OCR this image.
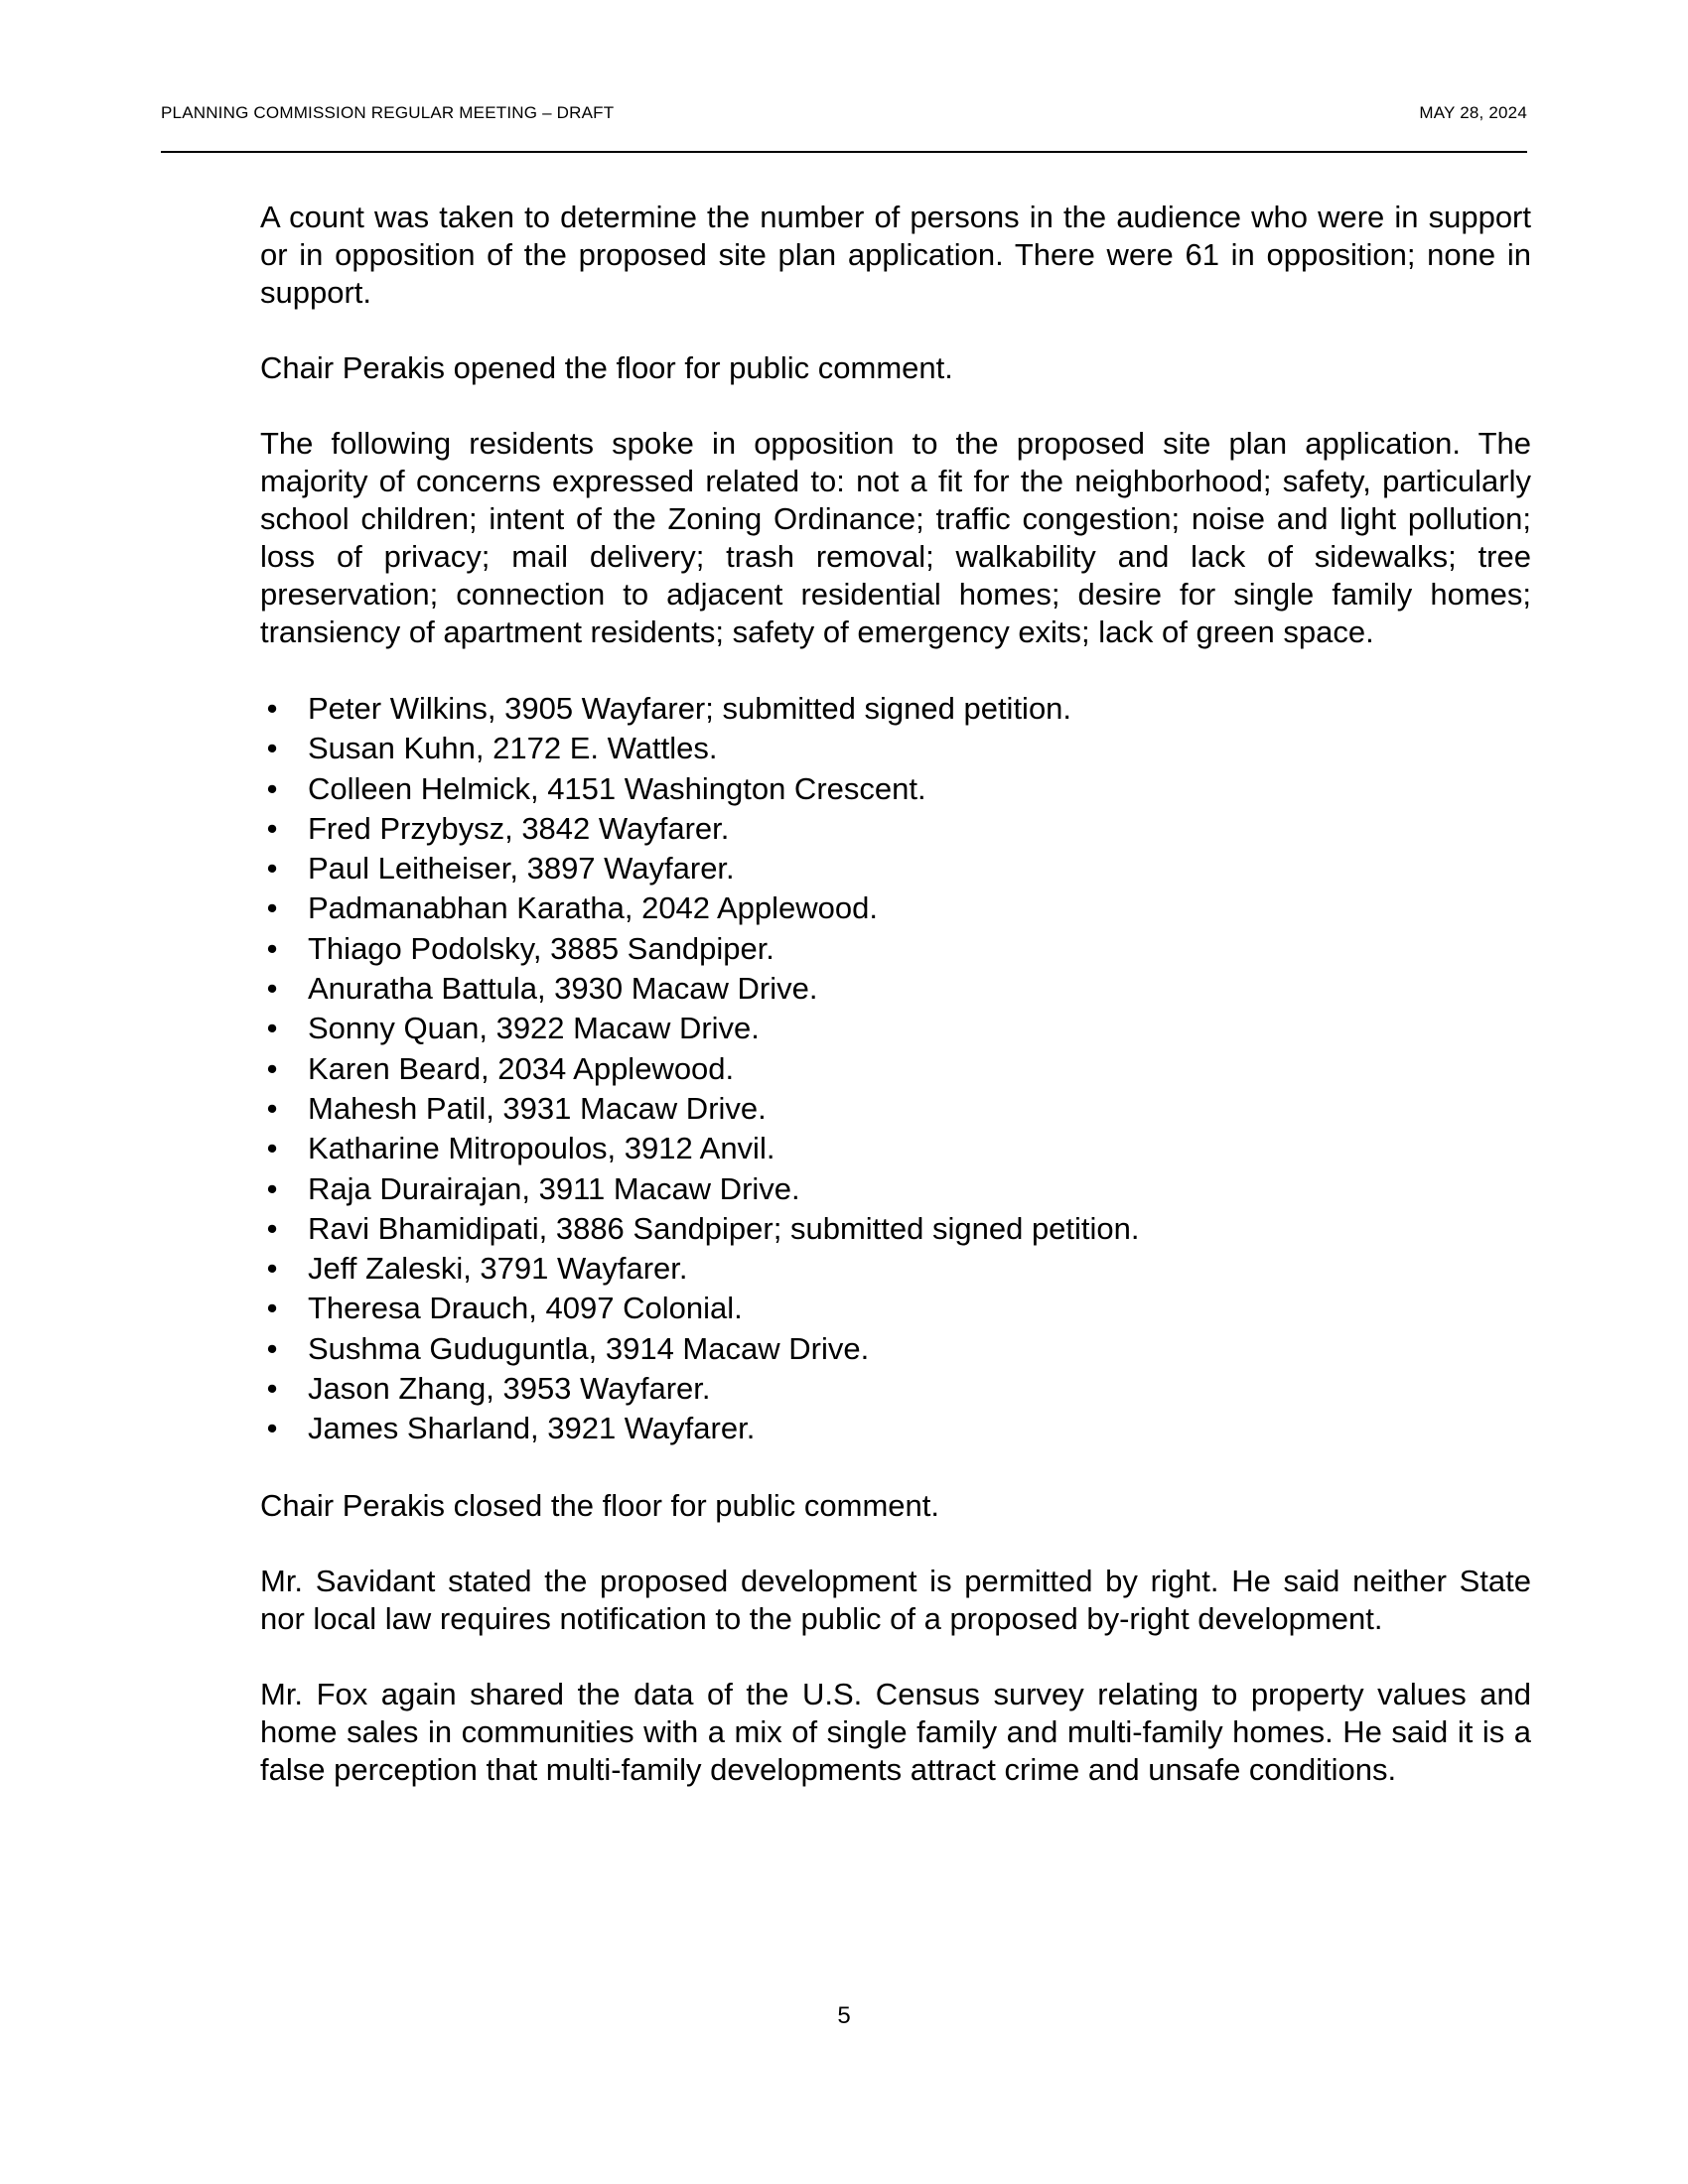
PLANNING COMMISSION REGULAR MEETING – DRAFT	MAY 28, 2024

A count was taken to determine the number of persons in the audience who were in support or in opposition of the proposed site plan application. There were 61 in opposition; none in support.

Chair Perakis opened the floor for public comment.

The following residents spoke in opposition to the proposed site plan application. The majority of concerns expressed related to: not a fit for the neighborhood; safety, particularly school children; intent of the Zoning Ordinance; traffic congestion; noise and light pollution; loss of privacy; mail delivery; trash removal; walkability and lack of sidewalks; tree preservation; connection to adjacent residential homes; desire for single family homes; transiency of apartment residents; safety of emergency exits; lack of green space.

• Peter Wilkins, 3905 Wayfarer; submitted signed petition.
• Susan Kuhn, 2172 E. Wattles.
• Colleen Helmick, 4151 Washington Crescent.
• Fred Przybysz, 3842 Wayfarer.
• Paul Leitheiser, 3897 Wayfarer.
• Padmanabhan Karatha, 2042 Applewood.
• Thiago Podolsky, 3885 Sandpiper.
• Anuratha Battula, 3930 Macaw Drive.
• Sonny Quan, 3922 Macaw Drive.
• Karen Beard, 2034 Applewood.
• Mahesh Patil, 3931 Macaw Drive.
• Katharine Mitropoulos, 3912 Anvil.
• Raja Durairajan, 3911 Macaw Drive.
• Ravi Bhamidipati, 3886 Sandpiper; submitted signed petition.
• Jeff Zaleski, 3791 Wayfarer.
• Theresa Drauch, 4097 Colonial.
• Sushma Guduguntla, 3914 Macaw Drive.
• Jason Zhang, 3953 Wayfarer.
• James Sharland, 3921 Wayfarer.

Chair Perakis closed the floor for public comment.

Mr. Savidant stated the proposed development is permitted by right. He said neither State nor local law requires notification to the public of a proposed by-right development.

Mr. Fox again shared the data of the U.S. Census survey relating to property values and home sales in communities with a mix of single family and multi-family homes. He said it is a false perception that multi-family developments attract crime and unsafe conditions.

5
